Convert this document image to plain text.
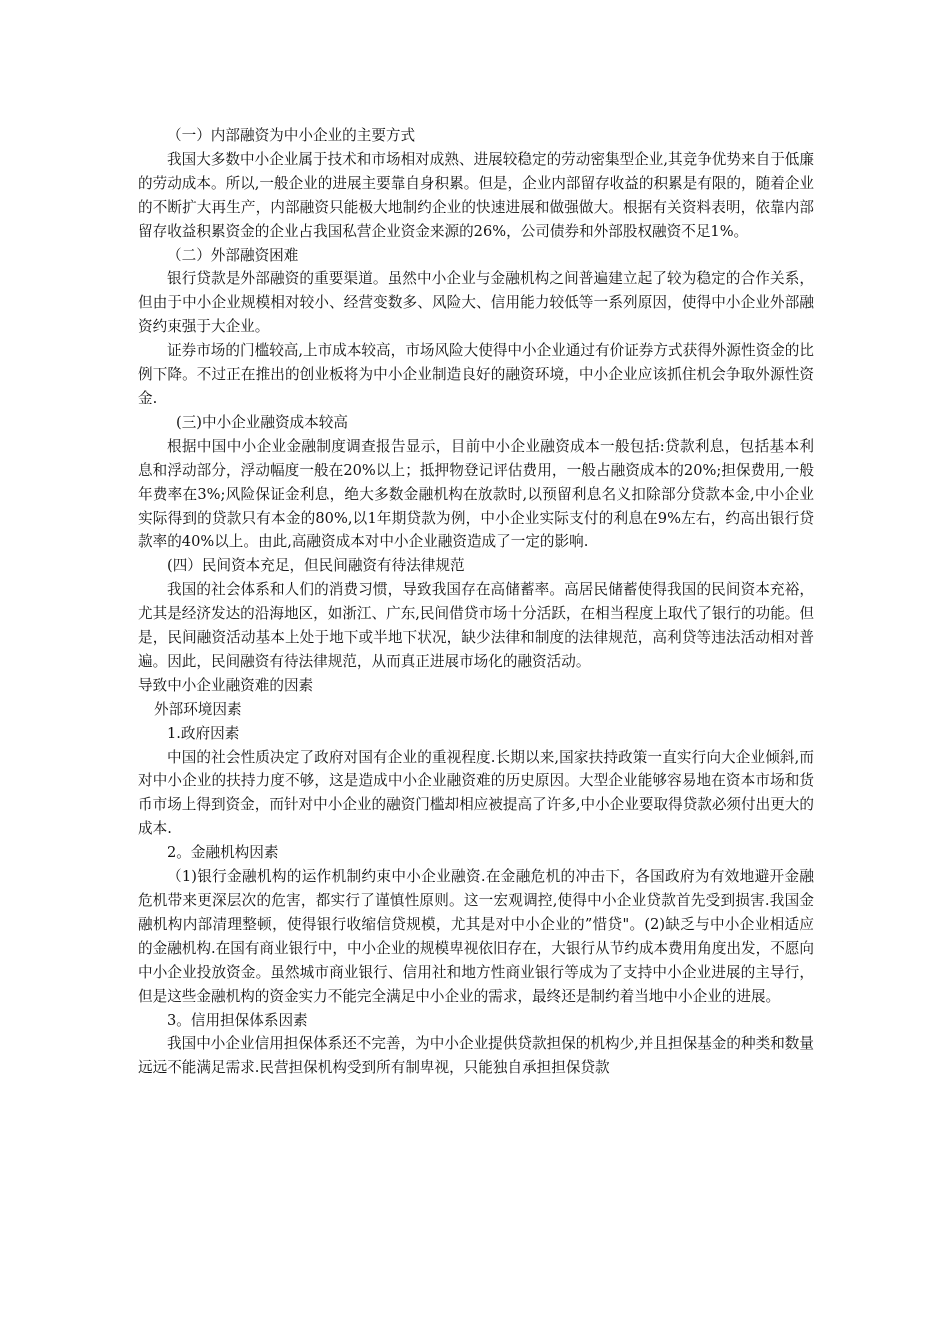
（一）内部融资为中小企业的主要方式

我国大多数中小企业属于技术和市场相对成熟、进展较稳定的劳动密集型企业,其竞争优势来自于低廉的劳动成本。所以,一般企业的进展主要靠自身积累。但是，企业内部留存收益的积累是有限的，随着企业的不断扩大再生产，内部融资只能极大地制约企业的快速进展和做强做大。根据有关资料表明，依靠内部留存收益积累资金的企业占我国私营企业资金来源的26%，公司债券和外部股权融资不足1%。

（二）外部融资困难

银行贷款是外部融资的重要渠道。虽然中小企业与金融机构之间普遍建立起了较为稳定的合作关系，但由于中小企业规模相对较小、经营变数多、风险大、信用能力较低等一系列原因，使得中小企业外部融资约束强于大企业。

证券市场的门槛较高,上市成本较高，市场风险大使得中小企业通过有价证券方式获得外源性资金的比例下降。不过正在推出的创业板将为中小企业制造良好的融资环境，中小企业应该抓住机会争取外源性资金.

(三)中小企业融资成本较高

根据中国中小企业金融制度调查报告显示，目前中小企业融资成本一般包括:贷款利息，包括基本利息和浮动部分，浮动幅度一般在20%以上；抵押物登记评估费用，一般占融资成本的20%;担保费用,一般年费率在3%;风险保证金利息，绝大多数金融机构在放款时,以预留利息名义扣除部分贷款本金,中小企业实际得到的贷款只有本金的80%,以1年期贷款为例，中小企业实际支付的利息在9%左右，约高出银行贷款率的40%以上。由此,高融资成本对中小企业融资造成了一定的影响.

(四）民间资本充足，但民间融资有待法律规范

我国的社会体系和人们的消费习惯，导致我国存在高储蓄率。高居民储蓄使得我国的民间资本充裕，尤其是经济发达的沿海地区，如浙江、广东,民间借贷市场十分活跃，在相当程度上取代了银行的功能。但是，民间融资活动基本上处于地下或半地下状况，缺少法律和制度的法律规范，高利贷等违法活动相对普遍。因此，民间融资有待法律规范，从而真正进展市场化的融资活动。

导致中小企业融资难的因素

外部环境因素

1.政府因素

中国的社会性质决定了政府对国有企业的重视程度.长期以来,国家扶持政策一直实行向大企业倾斜,而对中小企业的扶持力度不够，这是造成中小企业融资难的历史原因。大型企业能够容易地在资本市场和货币市场上得到资金，而针对中小企业的融资门槛却相应被提高了许多,中小企业要取得贷款必须付出更大的成本.

2。金融机构因素

（1)银行金融机构的运作机制约束中小企业融资.在金融危机的冲击下，各国政府为有效地避开金融危机带来更深层次的危害，都实行了谨慎性原则。这一宏观调控,使得中小企业贷款首先受到损害.我国金融机构内部清理整顿，使得银行收缩信贷规模，尤其是对中小企业的”惜贷"。(2)缺乏与中小企业相适应的金融机构.在国有商业银行中，中小企业的规模卑视依旧存在，大银行从节约成本费用角度出发，不愿向中小企业投放资金。虽然城市商业银行、信用社和地方性商业银行等成为了支持中小企业进展的主导行，但是这些金融机构的资金实力不能完全满足中小企业的需求，最终还是制约着当地中小企业的进展。

3。信用担保体系因素

我国中小企业信用担保体系还不完善，为中小企业提供贷款担保的机构少,并且担保基金的种类和数量远远不能满足需求.民营担保机构受到所有制卑视，只能独自承担担保贷款
